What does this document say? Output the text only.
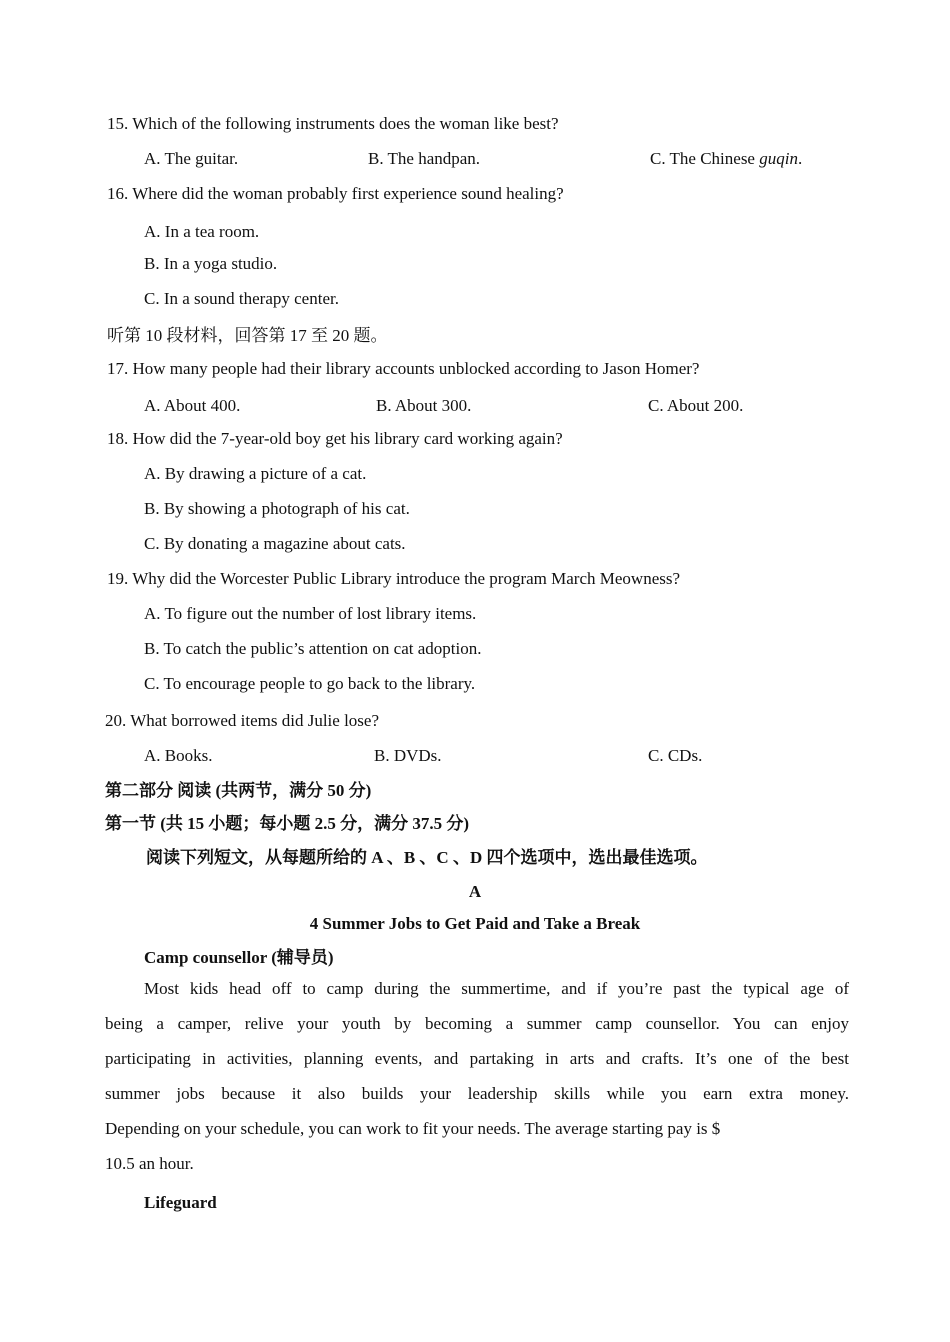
15. Which of the following instruments does the woman like best?
A. The guitar.	B. The handpan.	C. The Chinese guqin.
16. Where did the woman probably first experience sound healing?
A. In a tea room.
B. In a yoga studio.
C. In a sound therapy center.
听第 10 段材料，回答第 17 至 20 题。
17. How many people had their library accounts unblocked according to Jason Homer?
A. About 400.	B. About 300.	C. About 200.
18. How did the 7-year-old boy get his library card working again?
A. By drawing a picture of a cat.
B. By showing a photograph of his cat.
C. By donating a magazine about cats.
19. Why did the Worcester Public Library introduce the program March Meowness?
A. To figure out the number of lost library items.
B. To catch the public’s attention on cat adoption.
C. To encourage people to go back to the library.
20. What borrowed items did Julie lose?
A. Books.	B. DVDs.	C. CDs.
第二部分 阅读 (共两节，满分 50 分)
第一节 (共 15 小题；每小题 2.5 分，满分 37.5 分)
阅读下列短文，从每题所给的 A 、B 、C 、D 四个选项中，选出最佳选项。
A
4 Summer Jobs to Get Paid and Take a Break
Camp counsellor (辅导员)
Most kids head off to camp during the summertime, and if you’re past the typical age of
being a camper, relive your youth by becoming a summer camp counsellor. You can enjoy
participating in activities, planning events, and partaking in arts and crafts. It’s one of the best
summer jobs because it also builds your leadership skills while you earn extra money.
Depending on your schedule, you can work to fit your needs. The average starting pay is $
10.5 an hour.
Lifeguard
